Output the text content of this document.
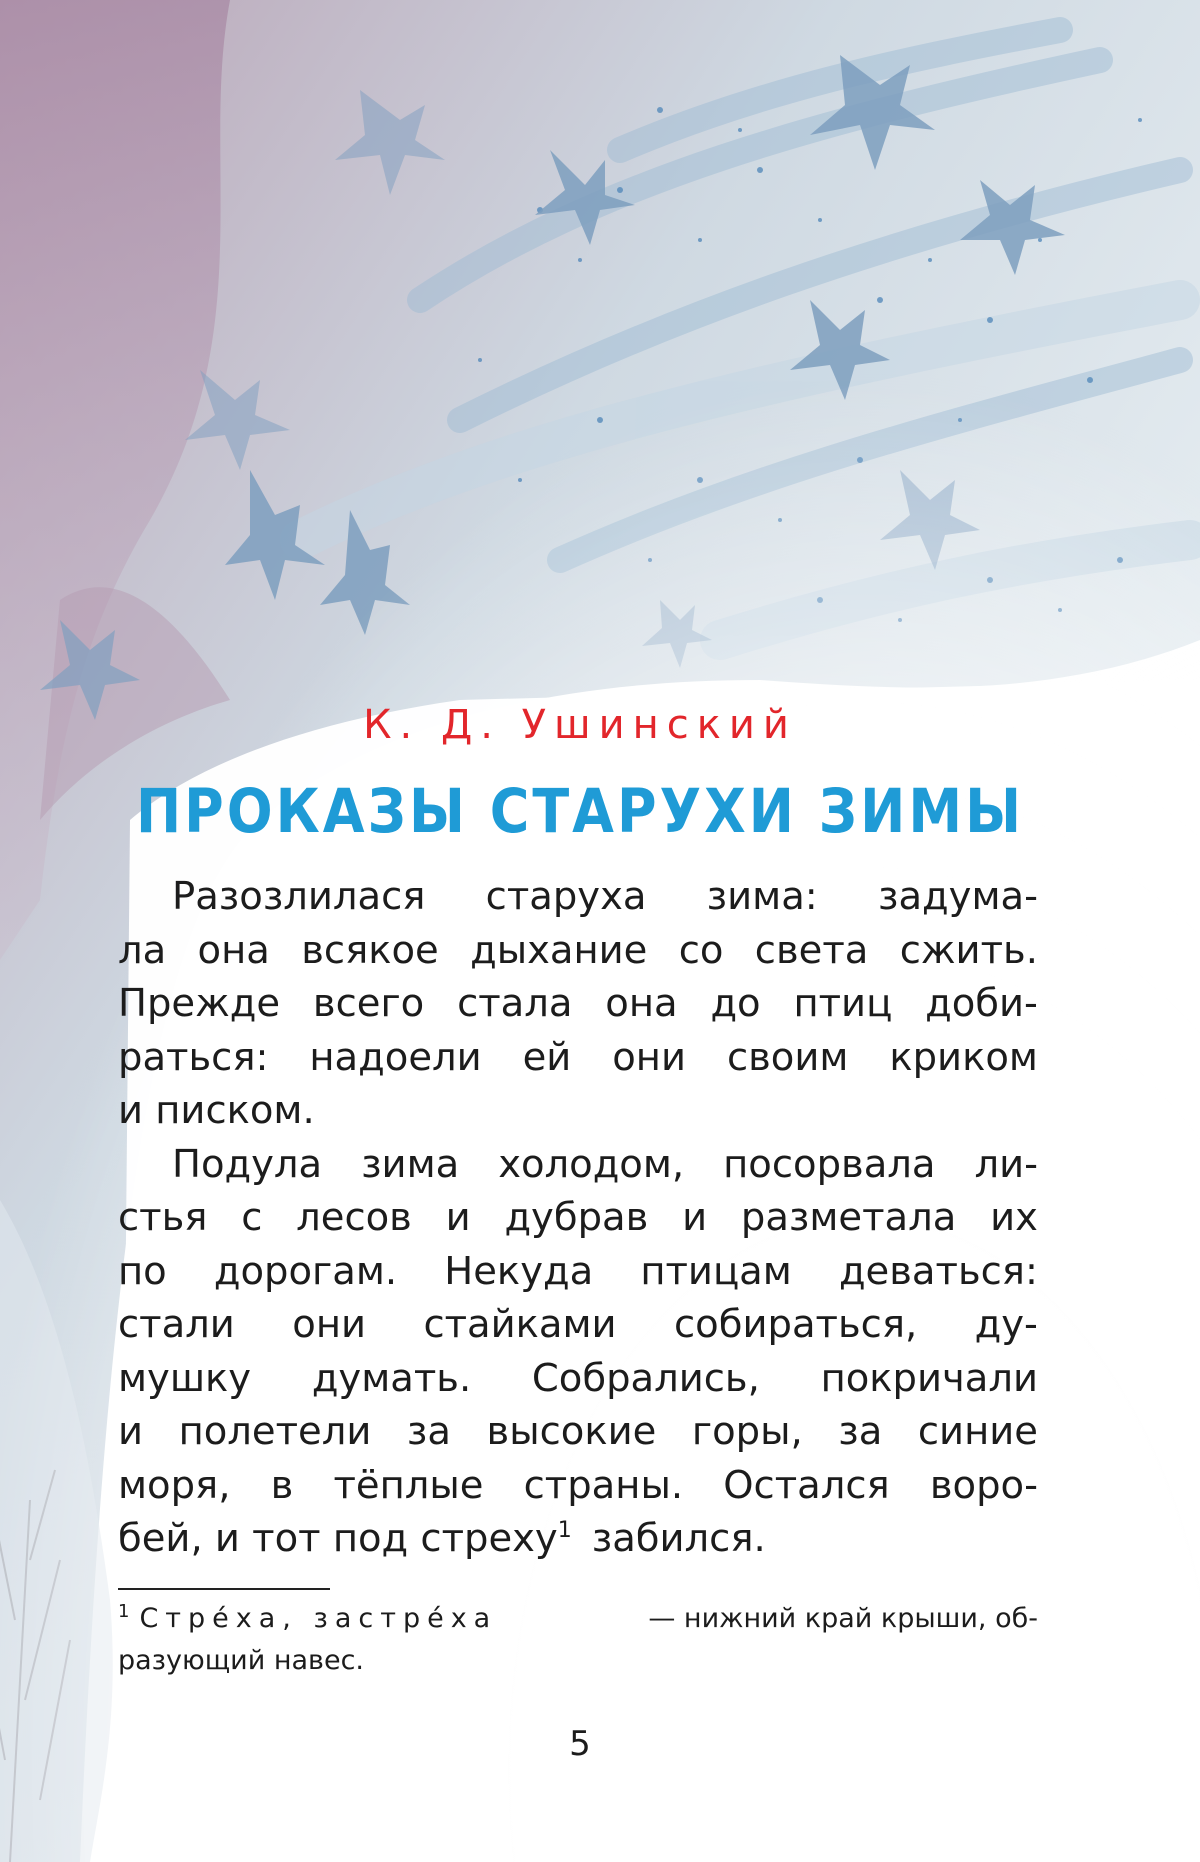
К. Д. Ушинский
ПРОКАЗЫ СТАРУХИ ЗИМЫ
Разозлилася старуха зима: задума-
ла она всякое дыхание со света сжить.
Прежде всего стала она до птиц доби-
раться: надоели ей они своим криком
и писком.
Подула зима холодом, посорвала ли-
стья с лесов и дубрав и разметала их
по дорогам. Некуда птицам деваться:
стали они стайками собираться, ду-
мушку думать. Собрались, покричали
и полетели за высокие горы, за синие
моря, в тёплые страны. Остался воро-
бей, и тот под стреху$^1$ забился.
$^1$ Стрéха, застрéха	— нижний край крыши, об-
разующий навес.
5
